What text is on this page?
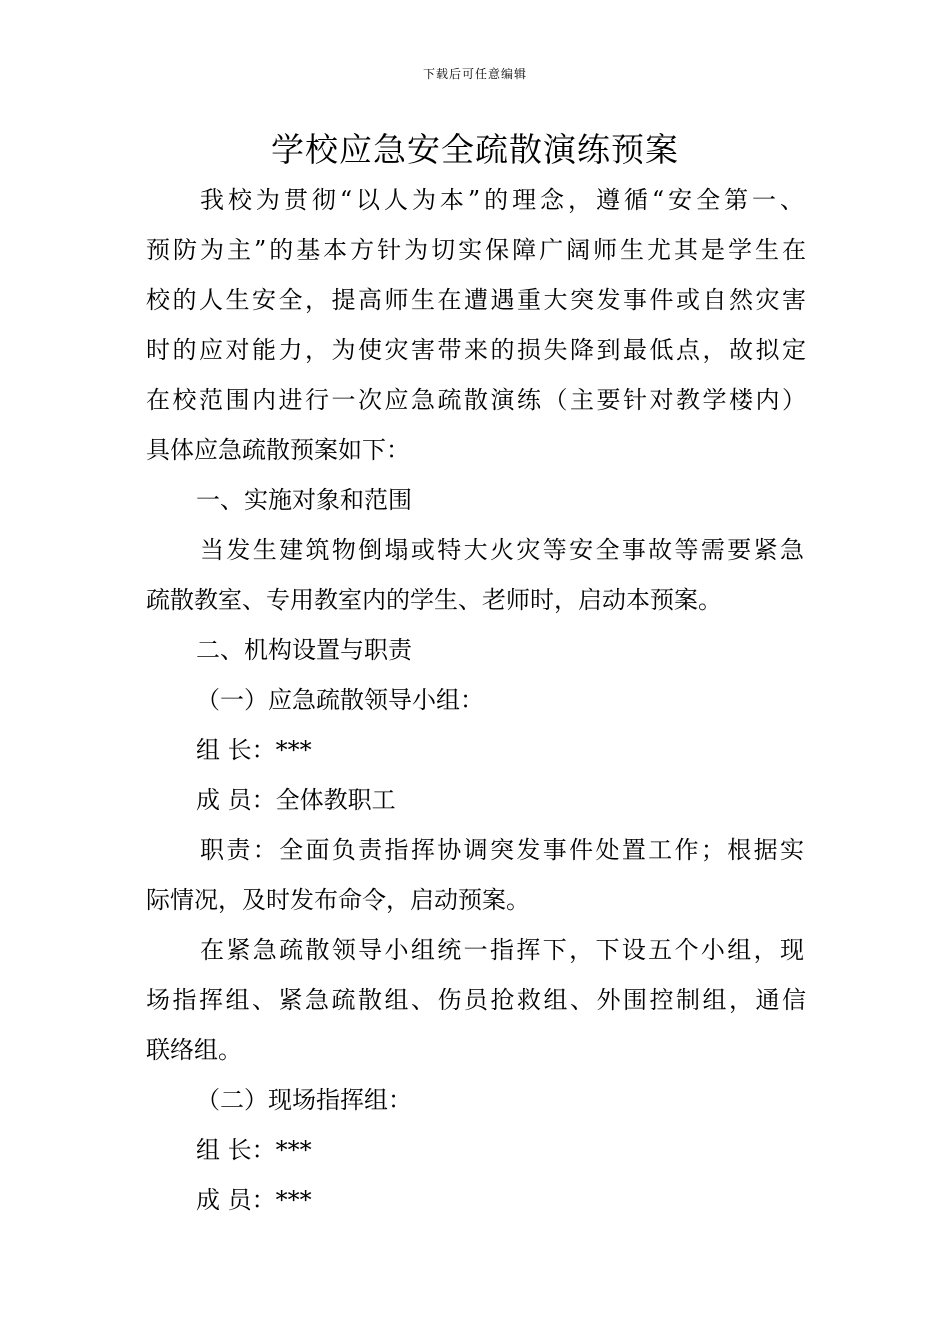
下载后可任意编辑
学校应急安全疏散演练预案

我校为贯彻“以人为本”的理念，遵循“安全第一、

预防为主”的基本方针为切实保障广阔师生尤其是学生在

校的人生安全，提高师生在遭遇重大突发事件或自然灾害

时的应对能力，为使灾害带来的损失降到最低点，故拟定

在校范围内进行一次应急疏散演练（主要针对教学楼内）

具体应急疏散预案如下：

一、实施对象和范围

当发生建筑物倒塌或特大火灾等安全事故等需要紧急

疏散教室、专用教室内的学生、老师时，启动本预案。

二、机构设置与职责

（一）应急疏散领导小组：

组 长：***

成 员：全体教职工

职责：全面负责指挥协调突发事件处置工作；根据实

际情况，及时发布命令，启动预案。

在紧急疏散领导小组统一指挥下，下设五个小组，现

场指挥组、紧急疏散组、伤员抢救组、外围控制组，通信

联络组。

（二）现场指挥组：

组 长：***

成 员：***
